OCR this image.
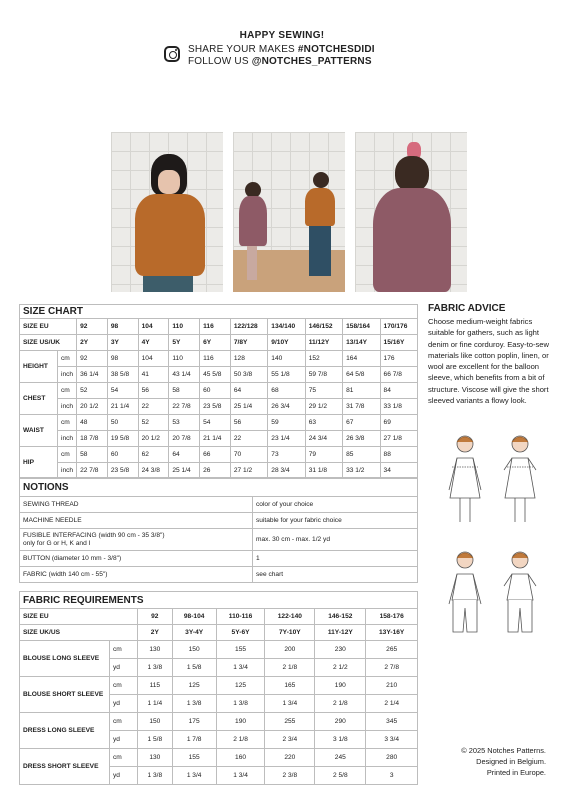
HAPPY SEWING!
SHARE YOUR MAKES #NOTCHESDIDI
FOLLOW US @NOTCHES_PATTERNS
SIZE CHART											
SIZE EU		92	98	104	110	116	122/128	134/140	146/152	158/164	170/176
SIZE US/UK		2Y	3Y	4Y	5Y	6Y	7/8Y	9/10Y	11/12Y	13/14Y	15/16Y
HEIGHT	cm	92	98	104	110	116	128	140	152	164	176
	inch	36 1/4	38 5/8	41	43 1/4	45 5/8	50 3/8	55 1/8	59 7/8	64 5/8	66 7/8
CHEST	cm	52	54	56	58	60	64	68	75	81	84
	inch	20 1/2	21 1/4	22	22 7/8	23 5/8	25 1/4	26 3/4	29 1/2	31 7/8	33 1/8
WAIST	cm	48	50	52	53	54	56	59	63	67	69
	inch	18 7/8	19 5/8	20 1/2	20 7/8	21 1/4	22	23 1/4	24 3/4	26 3/8	27 1/8
HIP	cm	58	60	62	64	66	70	73	79	85	88
	inch	22 7/8	23 5/8	24 3/8	25 1/4	26	27 1/2	28 3/4	31 1/8	33 1/2	34
NOTIONS	

SEWING THREAD	color of your choice

MACHINE NEEDLE	suitable for your fabric choice

FUSIBLE INTERFACING (width 90 cm - 35 3/8")
only for G or H, K and I	max. 30 cm - max. 1/2 yd

BUTTON (diameter 10 mm - 3/8")	1

FABRIC (width 140 cm - 55")	see chart
FABRIC REQUIREMENTS							
SIZE EU		92	98-104	110-116	122-140	146-152	158-176
SIZE UK/US		2Y	3Y-4Y	5Y-6Y	7Y-10Y	11Y-12Y	13Y-16Y
BLOUSE LONG SLEEVE	cm	130	150	155	200	230	265
	yd	1 3/8	1 5/8	1 3/4	2 1/8	2 1/2	2 7/8
BLOUSE SHORT SLEEVE	cm	115	125	125	165	190	210
	yd	1 1/4	1 3/8	1 3/8	1 3/4	2 1/8	2 1/4
DRESS LONG SLEEVE	cm	150	175	190	255	290	345
	yd	1 5/8	1 7/8	2 1/8	2 3/4	3 1/8	3 3/4
DRESS SHORT SLEEVE	cm	130	155	160	220	245	280
	yd	1 3/8	1 3/4	1 3/4	2 3/8	2 5/8	3
FABRIC ADVICE
Choose medium-weight fabrics suitable for gathers, such as light denim or fine corduroy. Easy-to-sew materials like cotton poplin, linen, or wool are excellent for the balloon sleeve, which benefits from a bit of structure. Viscose will give the short sleeved variants a flowy look.
© 2025 Notches Patterns.
Designed in Belgium.
Printed in Europe.
